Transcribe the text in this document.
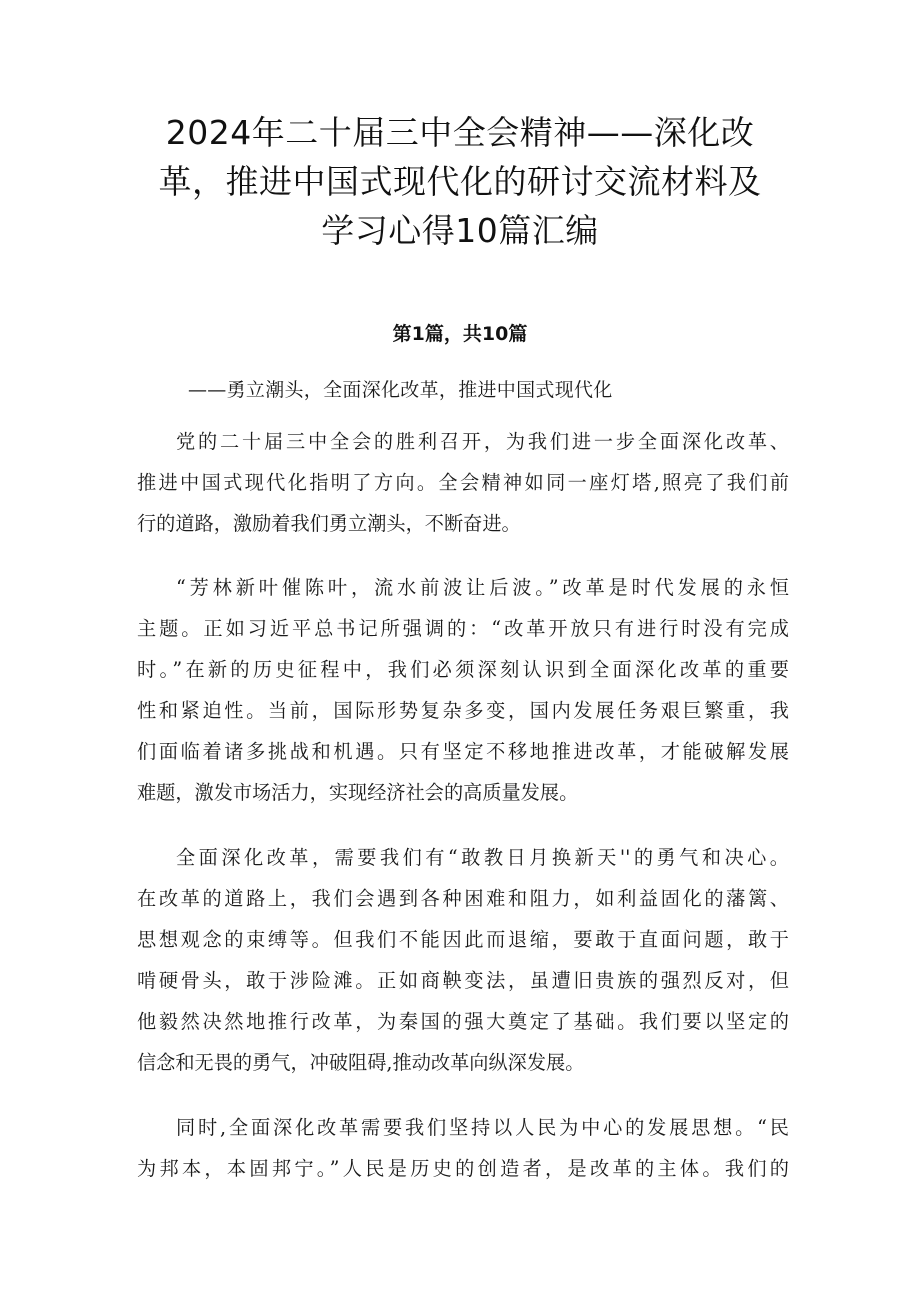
2024年二十届三中全会精神——深化改
革，推进中国式现代化的研讨交流材料及
学习心得10篇汇编
第1篇，共10篇

——勇立潮头，全面深化改革，推进中国式现代化

党的二十届三中全会的胜利召开，为我们进一步全面深化改革、
推进中国式现代化指明了方向。全会精神如同一座灯塔,照亮了我们前
行的道路，激励着我们勇立潮头，不断奋进。

“芳林新叶催陈叶，流水前波让后波。”改革是时代发展的永恒
主题。正如习近平总书记所强调的：“改革开放只有进行时没有完成
时。”在新的历史征程中，我们必须深刻认识到全面深化改革的重要
性和紧迫性。当前，国际形势复杂多变，国内发展任务艰巨繁重，我
们面临着诸多挑战和机遇。只有坚定不移地推进改革，才能破解发展
难题，激发市场活力，实现经济社会的高质量发展。

全面深化改革，需要我们有“敢教日月换新天''的勇气和决心。
在改革的道路上，我们会遇到各种困难和阻力，如利益固化的藩篱、
思想观念的束缚等。但我们不能因此而退缩，要敢于直面问题，敢于
啃硬骨头，敢于涉险滩。正如商鞅变法，虽遭旧贵族的强烈反对，但
他毅然决然地推行改革，为秦国的强大奠定了基础。我们要以坚定的
信念和无畏的勇气，冲破阻碍,推动改革向纵深发展。

同时,全面深化改革需要我们坚持以人民为中心的发展思想。“民
为邦本，本固邦宁。”人民是历史的创造者，是改革的主体。我们的
